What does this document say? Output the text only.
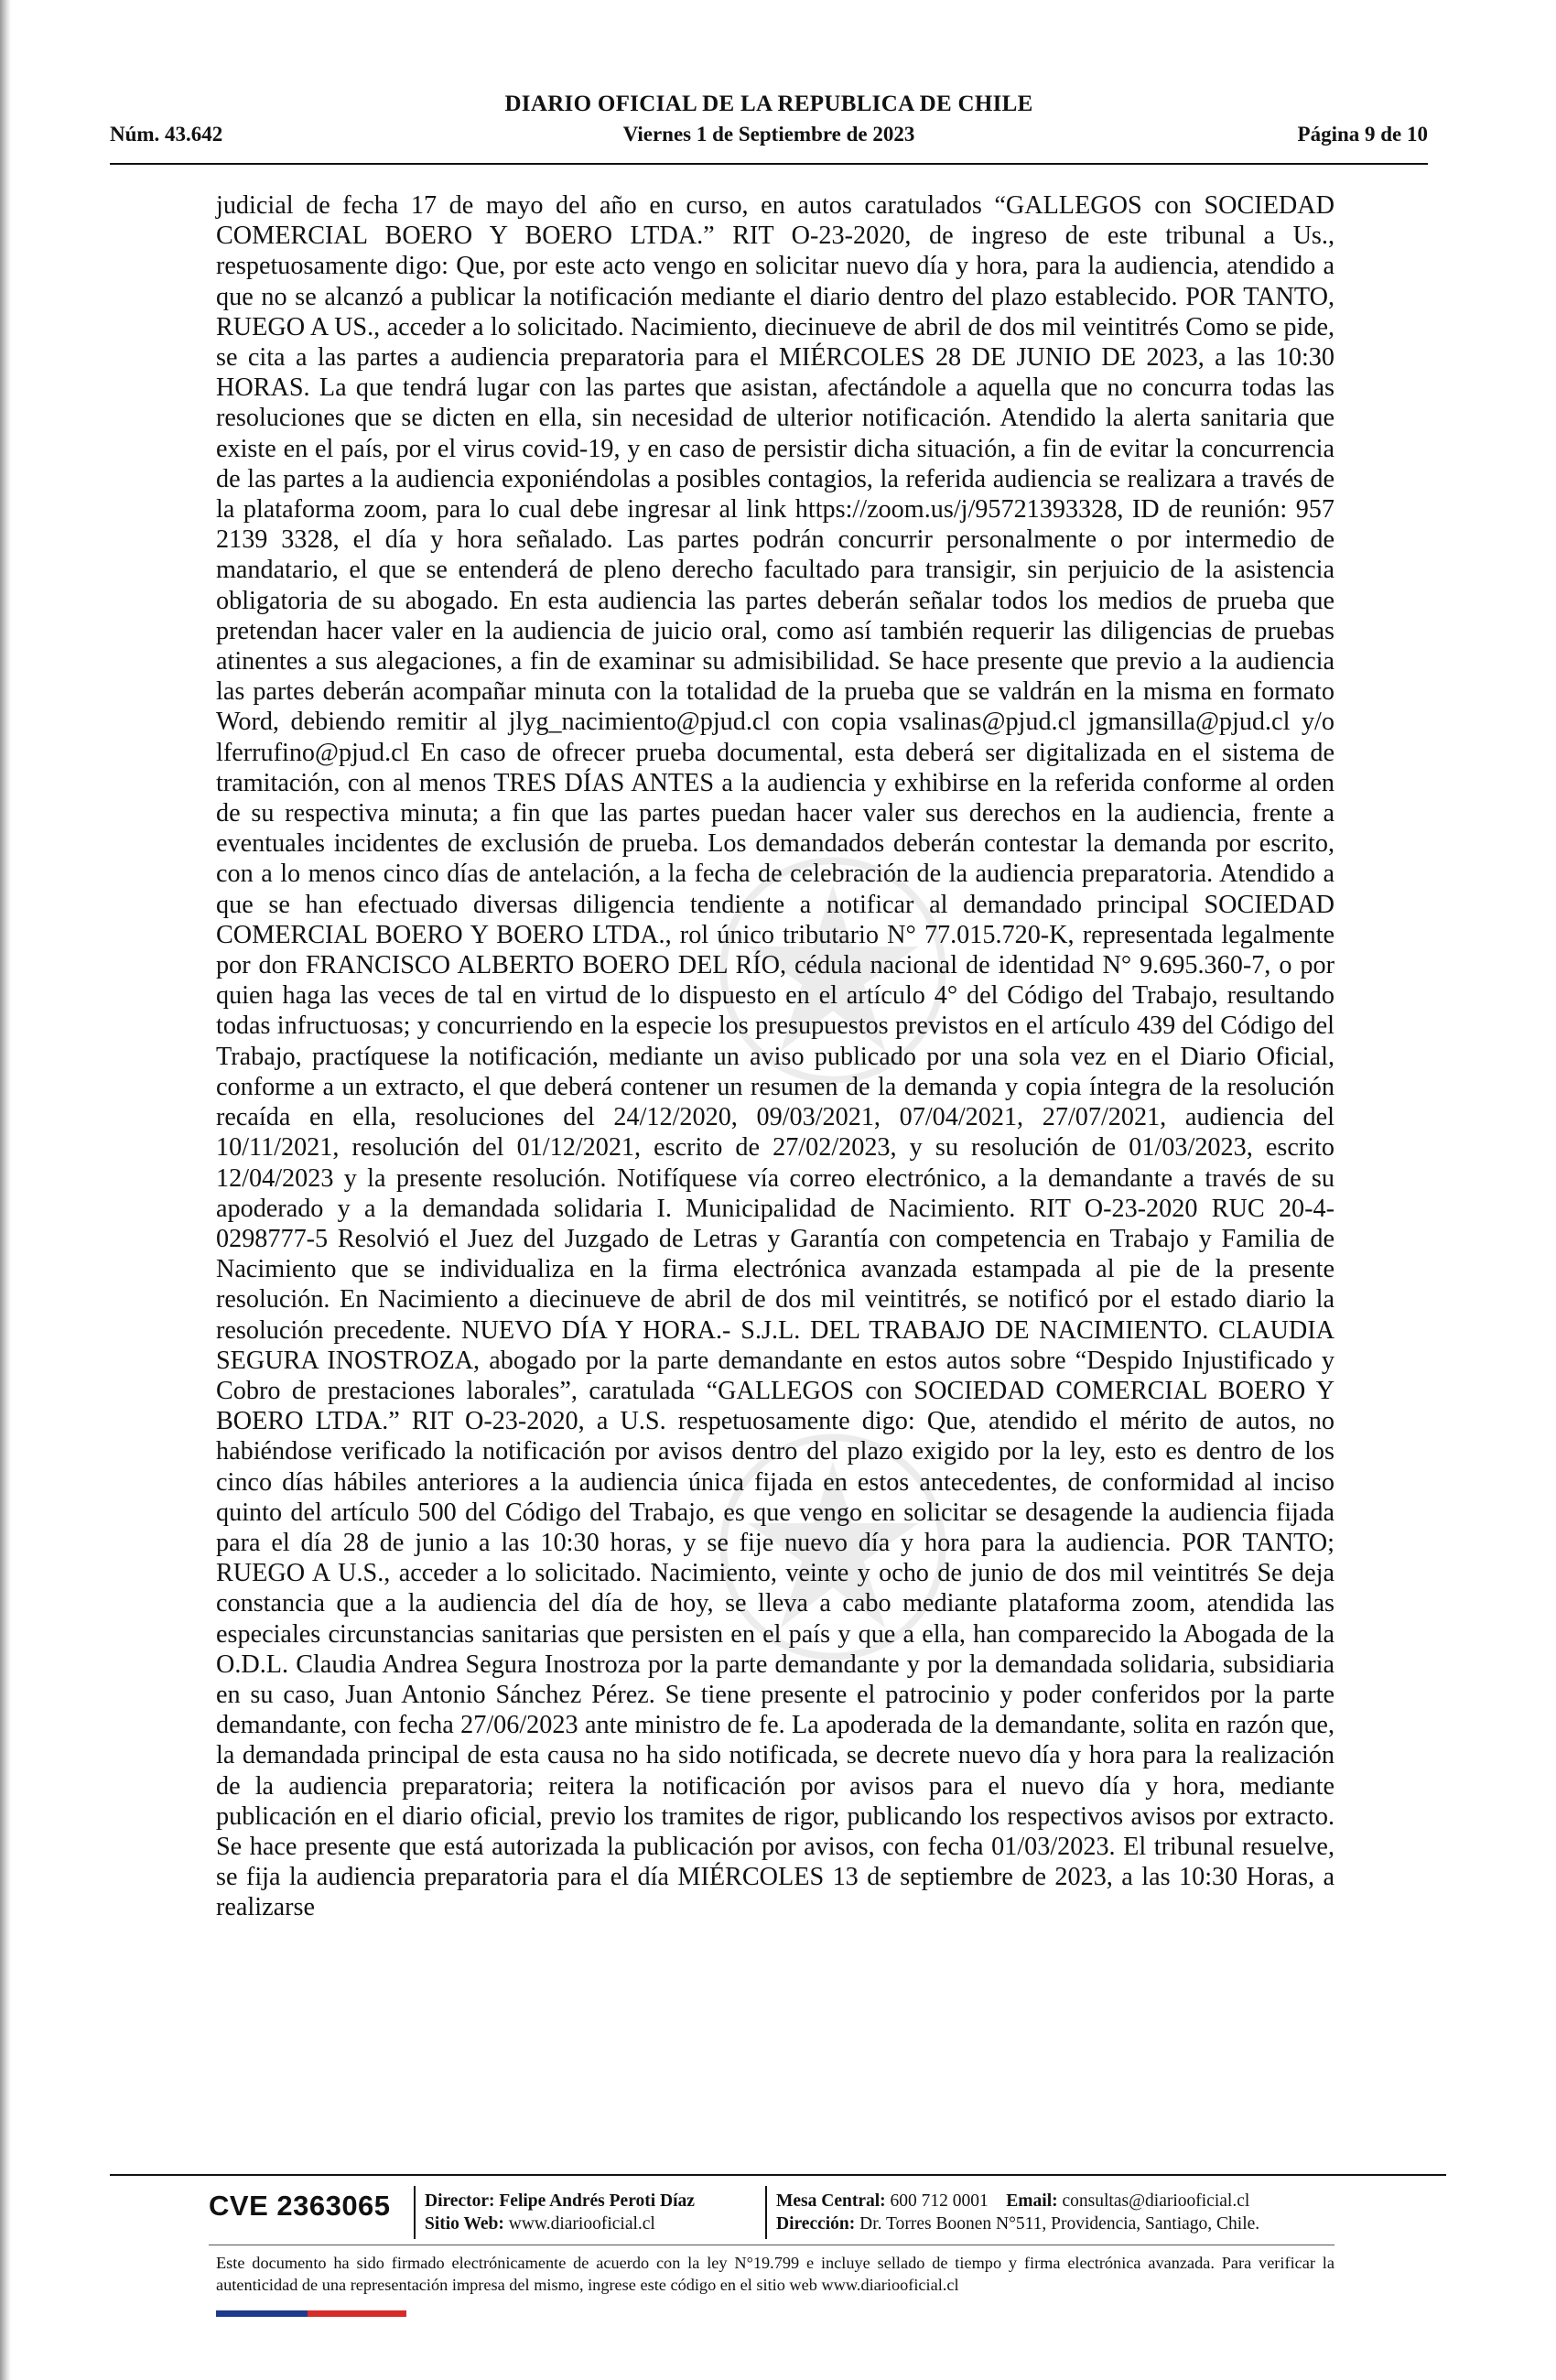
DIARIO OFICIAL DE LA REPUBLICA DE CHILE
Núm. 43.642	Viernes 1 de Septiembre de 2023	Página 9 de 10

judicial de fecha 17 de mayo del año en curso, en autos caratulados “GALLEGOS con SOCIEDAD COMERCIAL BOERO Y BOERO LTDA.” RIT O-23-2020, de ingreso de este tribunal a Us., respetuosamente digo: Que, por este acto vengo en solicitar nuevo día y hora, para la audiencia, atendido a que no se alcanzó a publicar la notificación mediante el diario dentro del plazo establecido. POR TANTO, RUEGO A US., acceder a lo solicitado. Nacimiento, diecinueve de abril de dos mil veintitrés Como se pide, se cita a las partes a audiencia preparatoria para el MIÉRCOLES 28 DE JUNIO DE 2023, a las 10:30 HORAS. La que tendrá lugar con las partes que asistan, afectándole a aquella que no concurra todas las resoluciones que se dicten en ella, sin necesidad de ulterior notificación. Atendido la alerta sanitaria que existe en el país, por el virus covid-19, y en caso de persistir dicha situación, a fin de evitar la concurrencia de las partes a la audiencia exponiéndolas a posibles contagios, la referida audiencia se realizara a través de la plataforma zoom, para lo cual debe ingresar al link https://zoom.us/j/95721393328, ID de reunión: 957 2139 3328, el día y hora señalado. Las partes podrán concurrir personalmente o por intermedio de mandatario, el que se entenderá de pleno derecho facultado para transigir, sin perjuicio de la asistencia obligatoria de su abogado. En esta audiencia las partes deberán señalar todos los medios de prueba que pretendan hacer valer en la audiencia de juicio oral, como así también requerir las diligencias de pruebas atinentes a sus alegaciones, a fin de examinar su admisibilidad. Se hace presente que previo a la audiencia las partes deberán acompañar minuta con la totalidad de la prueba que se valdrán en la misma en formato Word, debiendo remitir al jlyg_nacimiento@pjud.cl con copia vsalinas@pjud.cl jgmansilla@pjud.cl y/o lferrufino@pjud.cl En caso de ofrecer prueba documental, esta deberá ser digitalizada en el sistema de tramitación, con al menos TRES DÍAS ANTES a la audiencia y exhibirse en la referida conforme al orden de su respectiva minuta; a fin que las partes puedan hacer valer sus derechos en la audiencia, frente a eventuales incidentes de exclusión de prueba. Los demandados deberán contestar la demanda por escrito, con a lo menos cinco días de antelación, a la fecha de celebración de la audiencia preparatoria. Atendido a que se han efectuado diversas diligencia tendiente a notificar al demandado principal SOCIEDAD COMERCIAL BOERO Y BOERO LTDA., rol único tributario N° 77.015.720-K, representada legalmente por don FRANCISCO ALBERTO BOERO DEL RÍO, cédula nacional de identidad N° 9.695.360-7, o por quien haga las veces de tal en virtud de lo dispuesto en el artículo 4° del Código del Trabajo, resultando todas infructuosas; y concurriendo en la especie los presupuestos previstos en el artículo 439 del Código del Trabajo, practíquese la notificación, mediante un aviso publicado por una sola vez en el Diario Oficial, conforme a un extracto, el que deberá contener un resumen de la demanda y copia íntegra de la resolución recaída en ella, resoluciones del 24/12/2020, 09/03/2021, 07/04/2021, 27/07/2021, audiencia del 10/11/2021, resolución del 01/12/2021, escrito de 27/02/2023, y su resolución de 01/03/2023, escrito 12/04/2023 y la presente resolución. Notifíquese vía correo electrónico, a la demandante a través de su apoderado y a la demandada solidaria I. Municipalidad de Nacimiento. RIT O-23-2020 RUC 20-4- 0298777-5 Resolvió el Juez del Juzgado de Letras y Garantía con competencia en Trabajo y Familia de Nacimiento que se individualiza en la firma electrónica avanzada estampada al pie de la presente resolución. En Nacimiento a diecinueve de abril de dos mil veintitrés, se notificó por el estado diario la resolución precedente. NUEVO DÍA Y HORA.- S.J.L. DEL TRABAJO DE NACIMIENTO. CLAUDIA SEGURA INOSTROZA, abogado por la parte demandante en estos autos sobre “Despido Injustificado y Cobro de prestaciones laborales”, caratulada “GALLEGOS con SOCIEDAD COMERCIAL BOERO Y BOERO LTDA.” RIT O-23-2020, a U.S. respetuosamente digo: Que, atendido el mérito de autos, no habiéndose verificado la notificación por avisos dentro del plazo exigido por la ley, esto es dentro de los cinco días hábiles anteriores a la audiencia única fijada en estos antecedentes, de conformidad al inciso quinto del artículo 500 del Código del Trabajo, es que vengo en solicitar se desagende la audiencia fijada para el día 28 de junio a las 10:30 horas, y se fije nuevo día y hora para la audiencia. POR TANTO; RUEGO A U.S., acceder a lo solicitado. Nacimiento, veinte y ocho de junio de dos mil veintitrés Se deja constancia que a la audiencia del día de hoy, se lleva a cabo mediante plataforma zoom, atendida las especiales circunstancias sanitarias que persisten en el país y que a ella, han comparecido la Abogada de la O.D.L. Claudia Andrea Segura Inostroza por la parte demandante y por la demandada solidaria, subsidiaria en su caso, Juan Antonio Sánchez Pérez. Se tiene presente el patrocinio y poder conferidos por la parte demandante, con fecha 27/06/2023 ante ministro de fe. La apoderada de la demandante, solita en razón que, la demandada principal de esta causa no ha sido notificada, se decrete nuevo día y hora para la realización de la audiencia preparatoria; reitera la notificación por avisos para el nuevo día y hora, mediante publicación en el diario oficial, previo los tramites de rigor, publicando los respectivos avisos por extracto. Se hace presente que está autorizada la publicación por avisos, con fecha 01/03/2023. El tribunal resuelve, se fija la audiencia preparatoria para el día MIÉRCOLES 13 de septiembre de 2023, a las 10:30 Horas, a realizarse

CVE 2363065 Director: Felipe Andrés Peroti Díaz
Sitio Web: www.diariooficial.cl
Mesa Central: 600 712 0001 Email: consultas@diariooficial.cl
Dirección: Dr. Torres Boonen N°511, Providencia, Santiago, Chile.
Este documento ha sido firmado electrónicamente de acuerdo con la ley N°19.799 e incluye sellado de tiempo y firma electrónica avanzada. Para verificar la autenticidad de una representación impresa del mismo, ingrese este código en el sitio web www.diariooficial.cl
